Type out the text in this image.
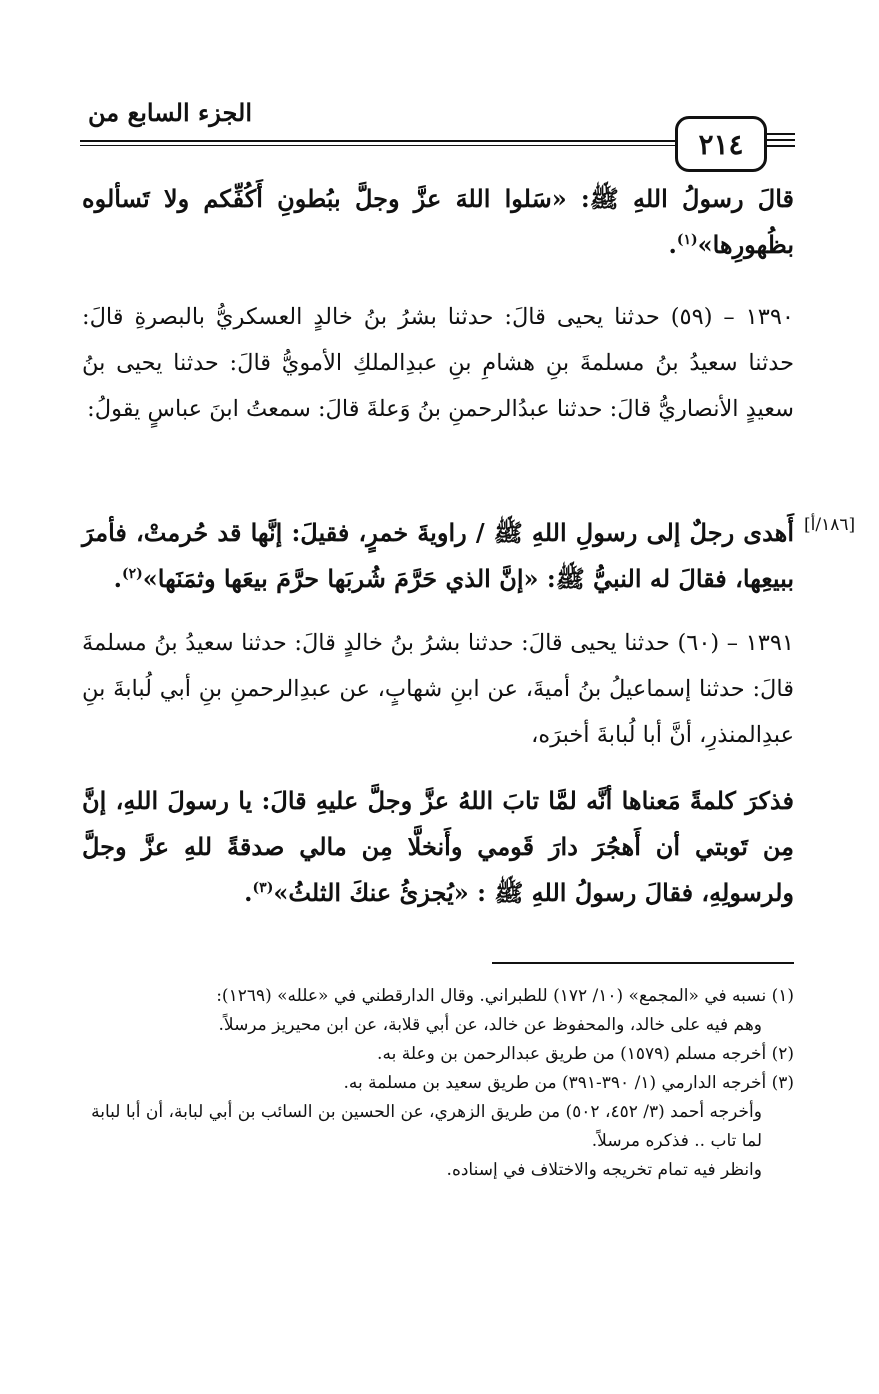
الجزء السابع من
٢١٤
قالَ رسولُ اللهِ ﷺ: «سَلوا اللهَ عزَّ وجلَّ ببُطونِ أَكُفِّكم ولا تَسألوه بظُهورِها»$^{(١)}$.
١٣٩٠ – (٥٩) حدثنا يحيى قالَ: حدثنا بشرُ بنُ خالدٍ العسكريُّ بالبصرةِ قالَ: حدثنا سعيدُ بنُ مسلمةَ بنِ هشامِ بنِ عبدِالملكِ الأمويُّ قالَ: حدثنا يحيى بنُ سعيدٍ الأنصاريُّ قالَ: حدثنا عبدُالرحمنِ بنُ وَعلةَ قالَ: سمعتُ ابنَ عباسٍ يقولُ:
[١٨٦/أ]
أَهدى رجلٌ إلى رسولِ اللهِ ﷺ / راويةَ خمرٍ، فقيلَ: إنَّها قد حُرمتْ، فأمرَ ببيعِها، فقالَ له النبيُّ ﷺ: «إنَّ الذي حَرَّمَ شُربَها حرَّمَ بيعَها وثمَنَها»$^{(٢)}$.
١٣٩١ – (٦٠) حدثنا يحيى قالَ: حدثنا بشرُ بنُ خالدٍ قالَ: حدثنا سعيدُ بنُ مسلمةَ قالَ: حدثنا إسماعيلُ بنُ أميةَ، عن ابنِ شهابٍ، عن عبدِالرحمنِ بنِ أبي لُبابةَ بنِ عبدِالمنذرِ، أنَّ أبا لُبابةَ أخبرَه،
فذكرَ كلمةً مَعناها أنَّه لمَّا تابَ اللهُ عزَّ وجلَّ عليهِ قالَ: يا رسولَ اللهِ، إنَّ مِن تَوبتي أن أَهجُرَ دارَ قَومي وأَنخلَّا مِن مالي صدقةً للهِ عزَّ وجلَّ ولرسولِهِ، فقالَ رسولُ اللهِ ﷺ : «يُجزئُ عنكَ الثلثُ»$^{(٣)}$.

(١) نسبه في «المجمع» (١٠/ ١٧٢) للطبراني. وقال الدارقطني في «علله» (١٢٦٩):

وهم فيه على خالد، والمحفوظ عن خالد، عن أبي قلابة، عن ابن محيريز مرسلاً.

(٢) أخرجه مسلم (١٥٧٩) من طريق عبدالرحمن بن وعلة به.

(٣) أخرجه الدارمي (١/ ٣٩٠-٣٩١) من طريق سعيد بن مسلمة به.

وأخرجه أحمد (٣/ ٤٥٢، ٥٠٢) من طريق الزهري، عن الحسين بن السائب بن أبي لبابة، أن أبا لبابة لما تاب .. فذكره مرسلاً.

وانظر فيه تمام تخريجه والاختلاف في إسناده.
